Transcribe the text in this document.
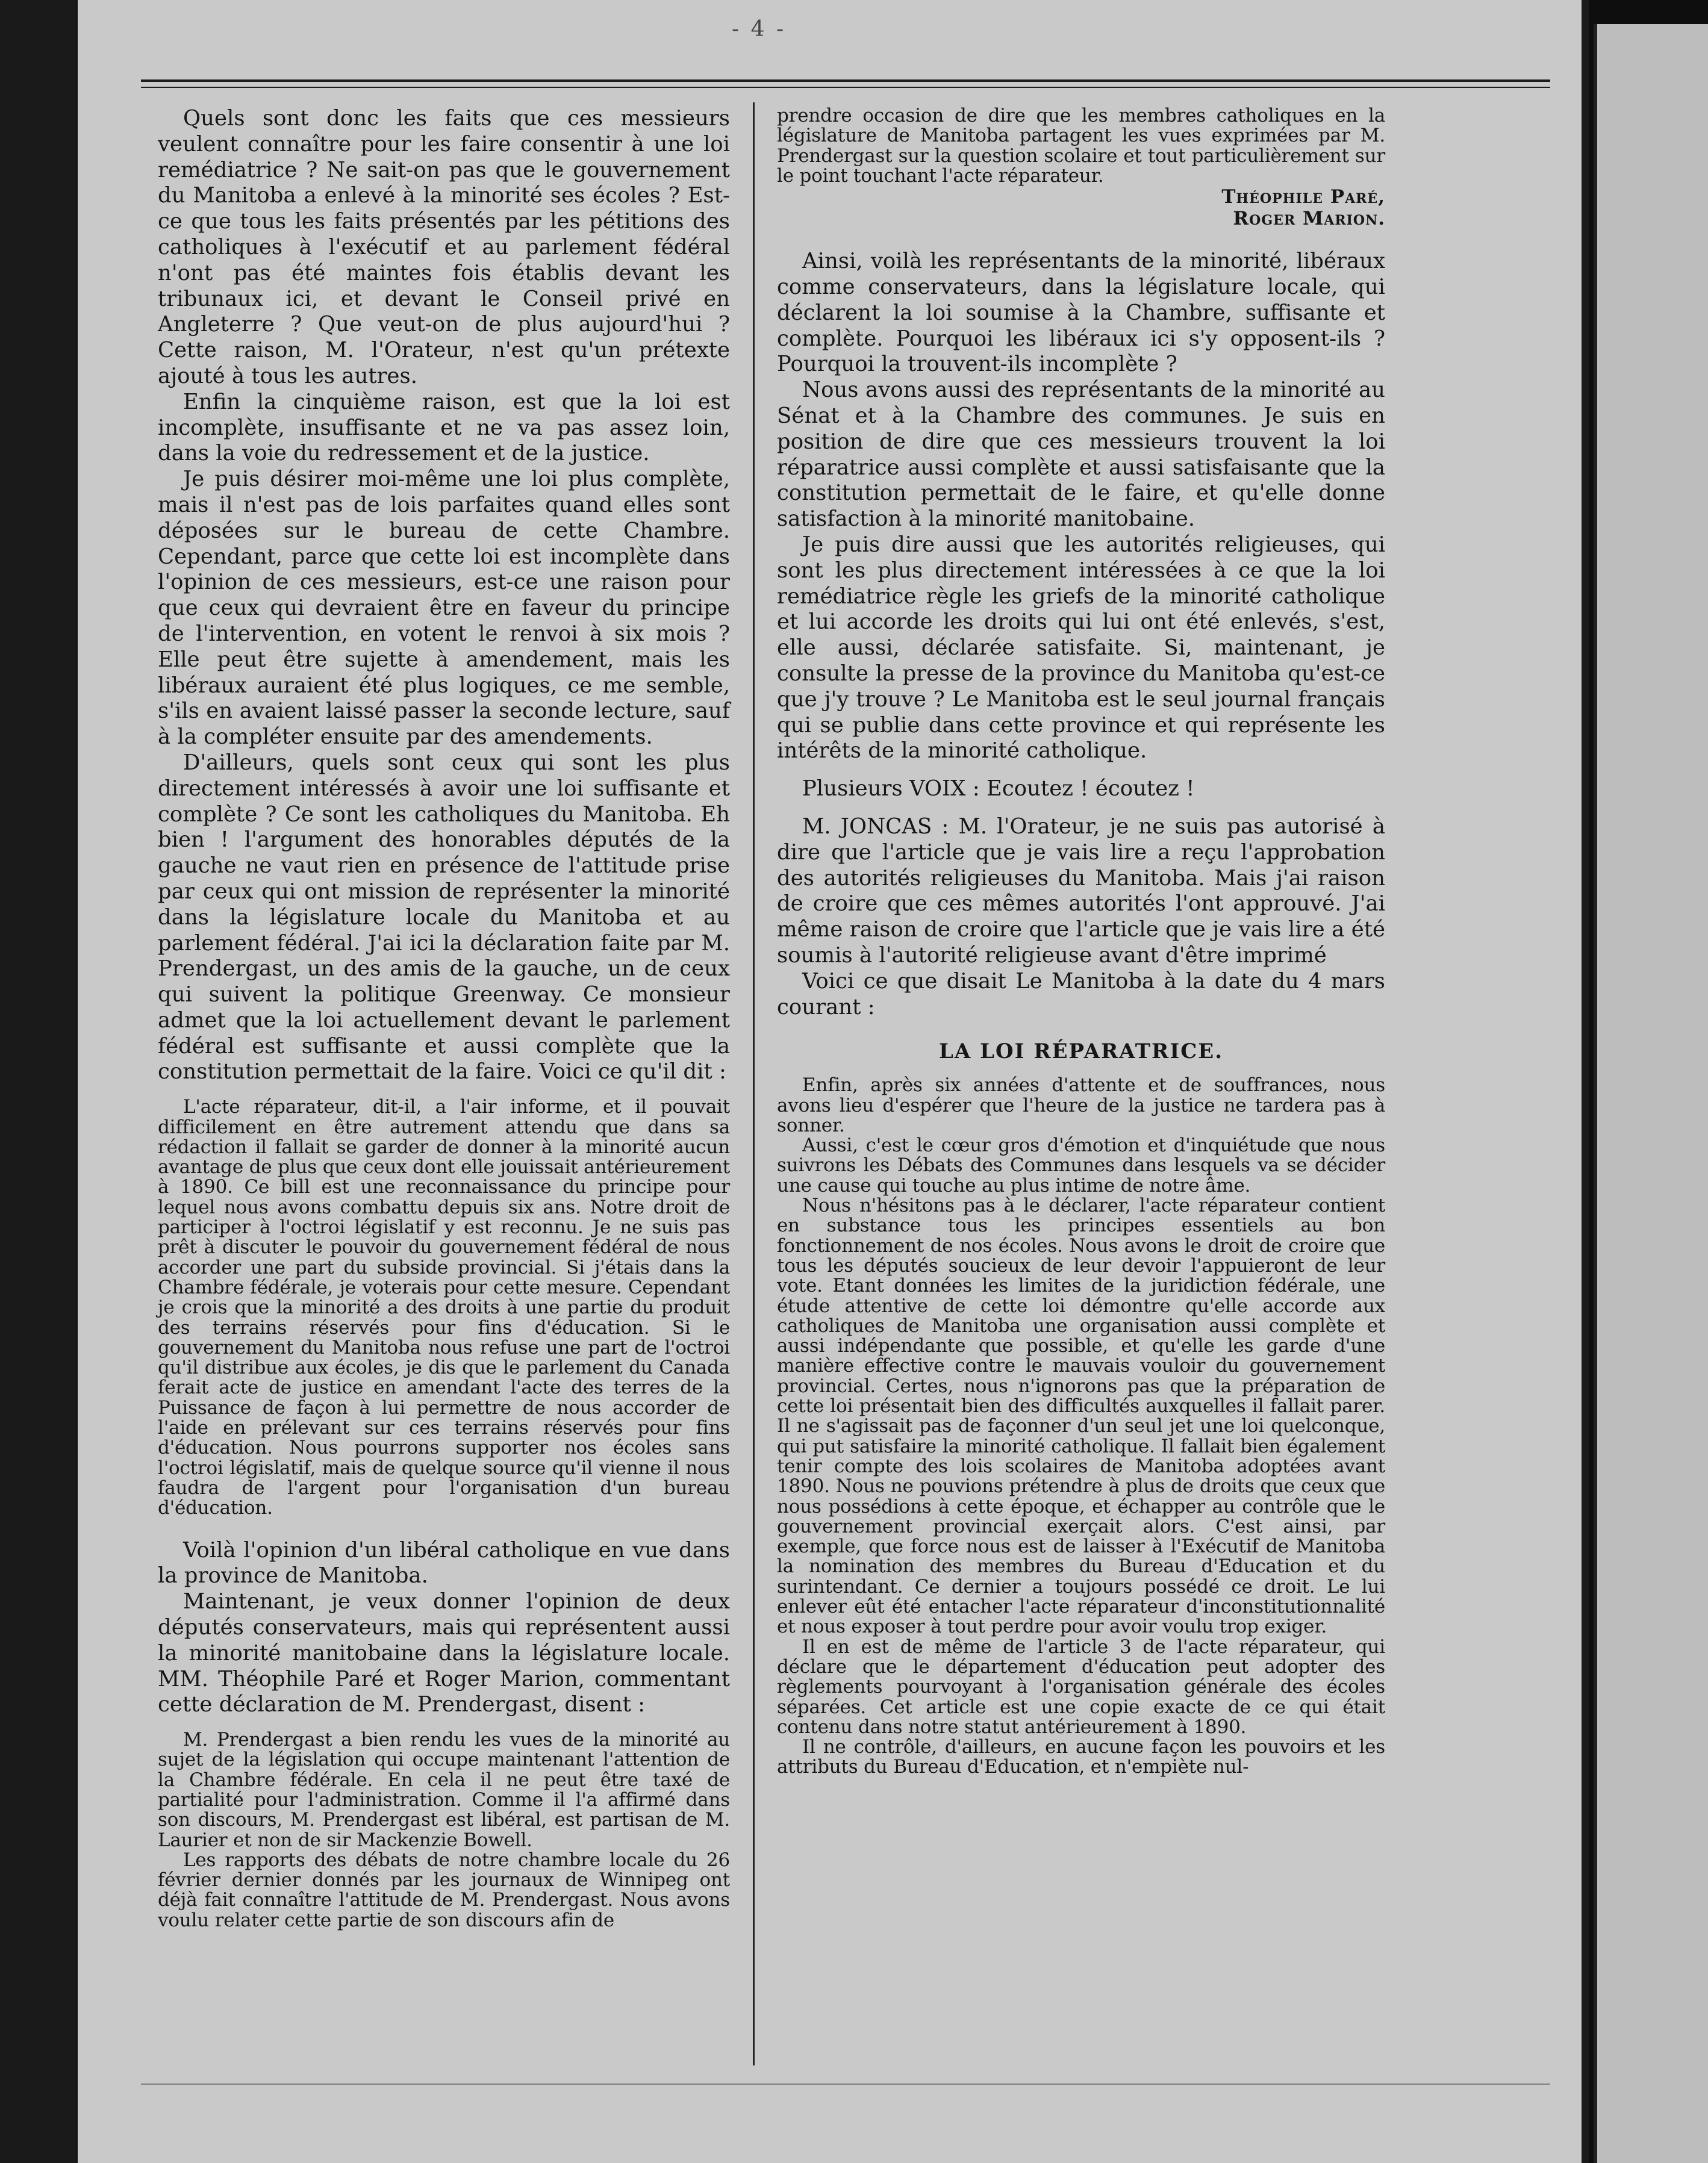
- 4 -

Quels sont donc les faits que ces messieurs veulent connaître pour les faire consentir à une loi remédiatrice ? Ne sait-on pas que le gouvernement du Manitoba a enlevé à la minorité ses écoles ? Est-ce que tous les faits présentés par les pétitions des catholiques à l'exécutif et au parlement fédéral n'ont pas été maintes fois établis devant les tribunaux ici, et devant le Conseil privé en Angleterre ? Que veut-on de plus aujourd'hui ? Cette raison, M. l'Orateur, n'est qu'un prétexte ajouté à tous les autres.

Enfin la cinquième raison, est que la loi est incomplète, insuffisante et ne va pas assez loin, dans la voie du redressement et de la justice.

Je puis désirer moi-même une loi plus complète, mais il n'est pas de lois parfaites quand elles sont déposées sur le bureau de cette Chambre. Cependant, parce que cette loi est incomplète dans l'opinion de ces messieurs, est-ce une raison pour que ceux qui devraient être en faveur du principe de l'intervention, en votent le renvoi à six mois ? Elle peut être sujette à amendement, mais les libéraux auraient été plus logiques, ce me semble, s'ils en avaient laissé passer la seconde lecture, sauf à la compléter ensuite par des amendements.

D'ailleurs, quels sont ceux qui sont les plus directement intéressés à avoir une loi suffisante et complète ? Ce sont les catholiques du Manitoba. Eh bien ! l'argument des honorables députés de la gauche ne vaut rien en présence de l'attitude prise par ceux qui ont mission de représenter la minorité dans la législature locale du Manitoba et au parlement fédéral. J'ai ici la déclaration faite par M. Prendergast, un des amis de la gauche, un de ceux qui suivent la politique Greenway. Ce monsieur admet que la loi actuellement devant le parlement fédéral est suffisante et aussi complète que la constitution permettait de la faire. Voici ce qu'il dit :

L'acte réparateur, dit-il, a l'air informe, et il pouvait difficilement en être autrement attendu que dans sa rédaction il fallait se garder de donner à la minorité aucun avantage de plus que ceux dont elle jouissait antérieurement à 1890. Ce bill est une reconnaissance du principe pour lequel nous avons combattu depuis six ans. Notre droit de participer à l'octroi législatif y est reconnu. Je ne suis pas prêt à discuter le pouvoir du gouvernement fédéral de nous accorder une part du subside provincial. Si j'étais dans la Chambre fédérale, je voterais pour cette mesure. Cependant je crois que la minorité a des droits à une partie du produit des terrains réservés pour fins d'éducation. Si le gouvernement du Manitoba nous refuse une part de l'octroi qu'il distribue aux écoles, je dis que le parlement du Canada ferait acte de justice en amendant l'acte des terres de la Puissance de façon à lui permettre de nous accorder de l'aide en prélevant sur ces terrains réservés pour fins d'éducation. Nous pourrons supporter nos écoles sans l'octroi législatif, mais de quelque source qu'il vienne il nous faudra de l'argent pour l'organisation d'un bureau d'éducation.

Voilà l'opinion d'un libéral catholique en vue dans la province de Manitoba.

Maintenant, je veux donner l'opinion de deux députés conservateurs, mais qui représentent aussi la minorité manitobaine dans la législature locale. MM. Théophile Paré et Roger Marion, commentant cette déclaration de M. Prendergast, disent :

M. Prendergast a bien rendu les vues de la minorité au sujet de la législation qui occupe maintenant l'attention de la Chambre fédérale. En cela il ne peut être taxé de partialité pour l'administration. Comme il l'a affirmé dans son discours, M. Prendergast est libéral, est partisan de M. Laurier et non de sir Mackenzie Bowell.

Les rapports des débats de notre chambre locale du 26 février dernier donnés par les journaux de Winnipeg ont déjà fait connaître l'attitude de M. Prendergast. Nous avons voulu relater cette partie de son discours afin de

prendre occasion de dire que les membres catholiques en la législature de Manitoba partagent les vues exprimées par M. Prendergast sur la question scolaire et tout particulièrement sur le point touchant l'acte réparateur.

Théophile Paré,
Roger Marion.

Ainsi, voilà les représentants de la minorité, libéraux comme conservateurs, dans la législature locale, qui déclarent la loi soumise à la Chambre, suffisante et complète. Pourquoi les libéraux ici s'y opposent-ils ? Pourquoi la trouvent-ils incomplète ?

Nous avons aussi des représentants de la minorité au Sénat et à la Chambre des communes. Je suis en position de dire que ces messieurs trouvent la loi réparatrice aussi complète et aussi satisfaisante que la constitution permettait de le faire, et qu'elle donne satisfaction à la minorité manitobaine.

Je puis dire aussi que les autorités religieuses, qui sont les plus directement intéressées à ce que la loi remédiatrice règle les griefs de la minorité catholique et lui accorde les droits qui lui ont été enlevés, s'est, elle aussi, déclarée satisfaite. Si, maintenant, je consulte la presse de la province du Manitoba qu'est-ce que j'y trouve ? Le Manitoba est le seul journal français qui se publie dans cette province et qui représente les intérêts de la minorité catholique.

Plusieurs VOIX : Ecoutez ! écoutez !

M. JONCAS : M. l'Orateur, je ne suis pas autorisé à dire que l'article que je vais lire a reçu l'approbation des autorités religieuses du Manitoba. Mais j'ai raison de croire que ces mêmes autorités l'ont approuvé. J'ai même raison de croire que l'article que je vais lire a été soumis à l'autorité religieuse avant d'être imprimé

Voici ce que disait Le Manitoba à la date du 4 mars courant :

LA LOI RÉPARATRICE.

Enfin, après six années d'attente et de souffrances, nous avons lieu d'espérer que l'heure de la justice ne tardera pas à sonner.

Aussi, c'est le cœur gros d'émotion et d'inquiétude que nous suivrons les Débats des Communes dans lesquels va se décider une cause qui touche au plus intime de notre âme.

Nous n'hésitons pas à le déclarer, l'acte réparateur contient en substance tous les principes essentiels au bon fonctionnement de nos écoles. Nous avons le droit de croire que tous les députés soucieux de leur devoir l'appuieront de leur vote. Etant données les limites de la juridiction fédérale, une étude attentive de cette loi démontre qu'elle accorde aux catholiques de Manitoba une organisation aussi complète et aussi indépendante que possible, et qu'elle les garde d'une manière effective contre le mauvais vouloir du gouvernement provincial. Certes, nous n'ignorons pas que la préparation de cette loi présentait bien des difficultés auxquelles il fallait parer. Il ne s'agissait pas de façonner d'un seul jet une loi quelconque, qui put satisfaire la minorité catholique. Il fallait bien également tenir compte des lois scolaires de Manitoba adoptées avant 1890. Nous ne pouvions prétendre à plus de droits que ceux que nous possédions à cette époque, et échapper au contrôle que le gouvernement provincial exerçait alors. C'est ainsi, par exemple, que force nous est de laisser à l'Exécutif de Manitoba la nomination des membres du Bureau d'Education et du surintendant. Ce dernier a toujours possédé ce droit. Le lui enlever eût été entacher l'acte réparateur d'inconstitutionnalité et nous exposer à tout perdre pour avoir voulu trop exiger.

Il en est de même de l'article 3 de l'acte réparateur, qui déclare que le département d'éducation peut adopter des règlements pourvoyant à l'organisation générale des écoles séparées. Cet article est une copie exacte de ce qui était contenu dans notre statut antérieurement à 1890.

Il ne contrôle, d'ailleurs, en aucune façon les pouvoirs et les attributs du Bureau d'Education, et n'empiète nul-
